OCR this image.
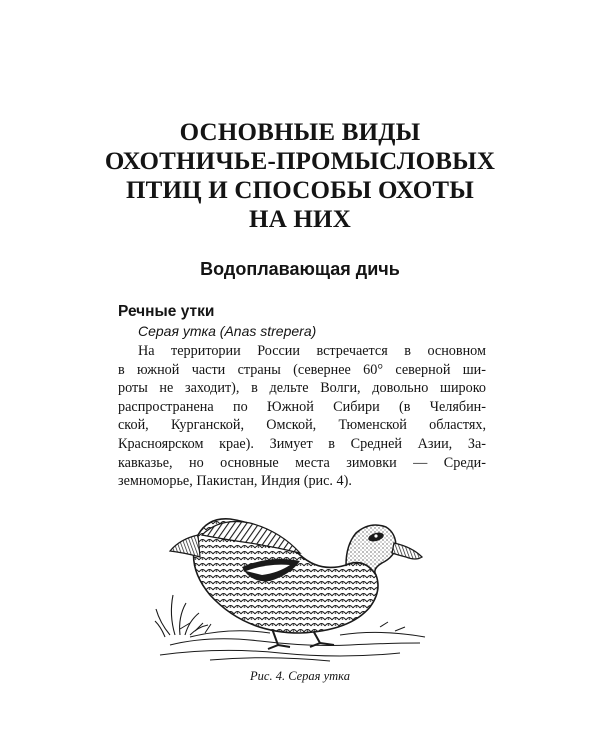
ОСНОВНЫЕ ВИДЫ
ОХОТНИЧЬЕ-ПРОМЫСЛОВЫХ
ПТИЦ И СПОСОБЫ ОХОТЫ
НА НИХ
Водоплавающая дичь
Речные утки
Серая утка (Anas strepera)
На территории России встречается в основном
в южной части страны (севернее 60° северной ши-
роты не заходит), в дельте Волги, довольно широко
распространена по Южной Сибири (в Челябин-
ской, Курганской, Омской, Тюменской областях,
Красноярском крае). Зимует в Средней Азии, За-
кавказье, но основные места зимовки — Среди-
земноморье, Пакистан, Индия (рис. 4).
Рис. 4. Серая утка
